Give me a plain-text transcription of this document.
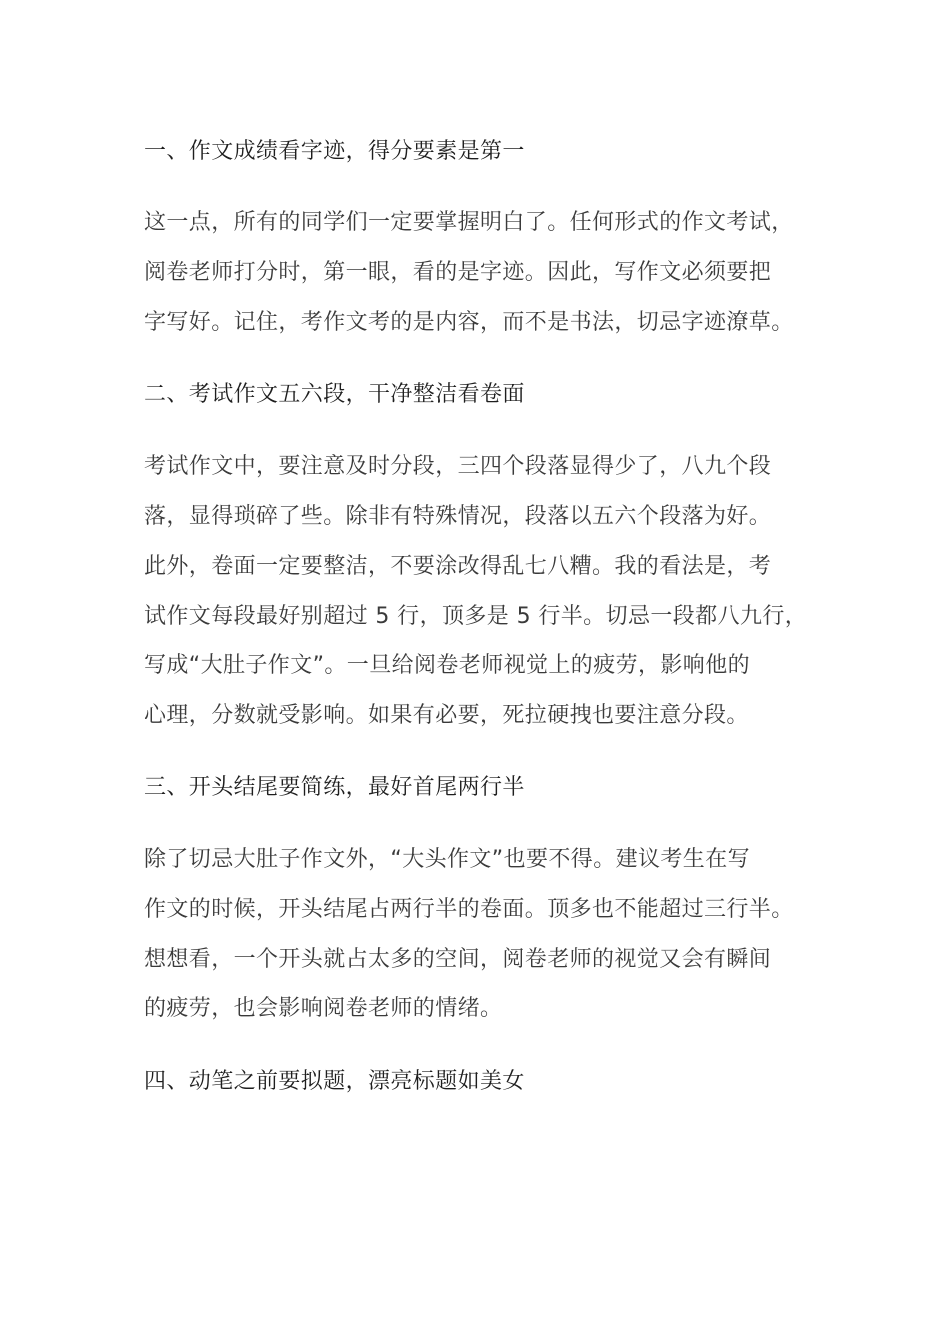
一、作文成绩看字迹，得分要素是第一
这一点，所有的同学们一定要掌握明白了。任何形式的作文考试，
阅卷老师打分时，第一眼，看的是字迹。因此，写作文必须要把
字写好。记住，考作文考的是内容，而不是书法，切忌字迹潦草。
二、考试作文五六段，干净整洁看卷面
考试作文中，要注意及时分段，三四个段落显得少了，八九个段
落，显得琐碎了些。除非有特殊情况，段落以五六个段落为好。
此外，卷面一定要整洁，不要涂改得乱七八糟。我的看法是，考
试作文每段最好别超过 5 行，顶多是 5 行半。切忌一段都八九行，
写成“大肚子作文”。一旦给阅卷老师视觉上的疲劳，影响他的
心理，分数就受影响。如果有必要，死拉硬拽也要注意分段。
三、开头结尾要简练，最好首尾两行半
除了切忌大肚子作文外，“大头作文”也要不得。建议考生在写
作文的时候，开头结尾占两行半的卷面。顶多也不能超过三行半。
想想看，一个开头就占太多的空间，阅卷老师的视觉又会有瞬间
的疲劳，也会影响阅卷老师的情绪。
四、动笔之前要拟题，漂亮标题如美女
